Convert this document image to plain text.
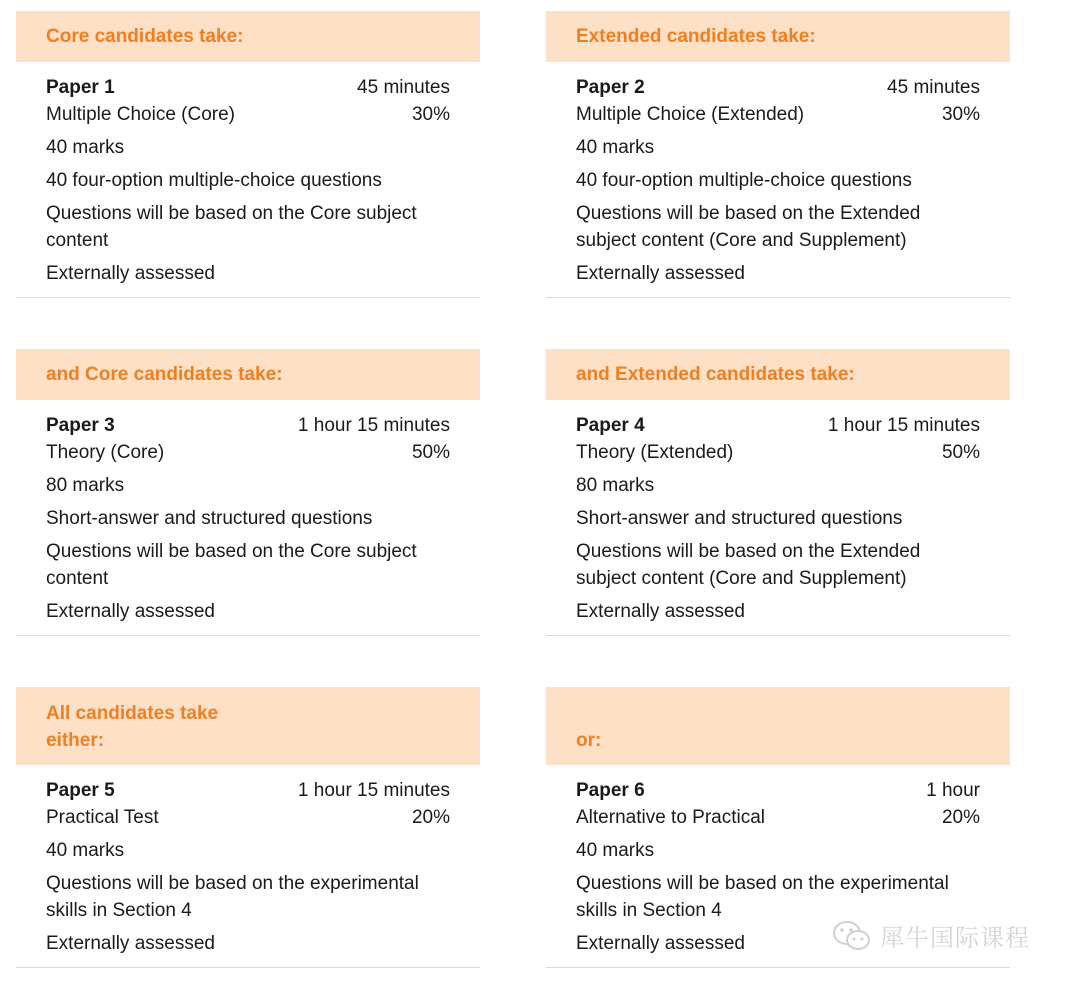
Core candidates take:
Paper 1	45 minutes
Multiple Choice (Core)	30%
40 marks
40 four-option multiple-choice questions
Questions will be based on the Core subject content
Externally assessed
Extended candidates take:
Paper 2	45 minutes
Multiple Choice (Extended)	30%
40 marks
40 four-option multiple-choice questions
Questions will be based on the Extended subject content (Core and Supplement)
Externally assessed
and Core candidates take:
Paper 3	1 hour 15 minutes
Theory (Core)	50%
80 marks
Short-answer and structured questions
Questions will be based on the Core subject content
Externally assessed
and Extended candidates take:
Paper 4	1 hour 15 minutes
Theory (Extended)	50%
80 marks
Short-answer and structured questions
Questions will be based on the Extended subject content (Core and Supplement)
Externally assessed
All candidates take either:
Paper 5	1 hour 15 minutes
Practical Test	20%
40 marks
Questions will be based on the experimental skills in Section 4
Externally assessed
or:
Paper 6	1 hour
Alternative to Practical	20%
40 marks
Questions will be based on the experimental skills in Section 4
Externally assessed	犀牛国际课程
